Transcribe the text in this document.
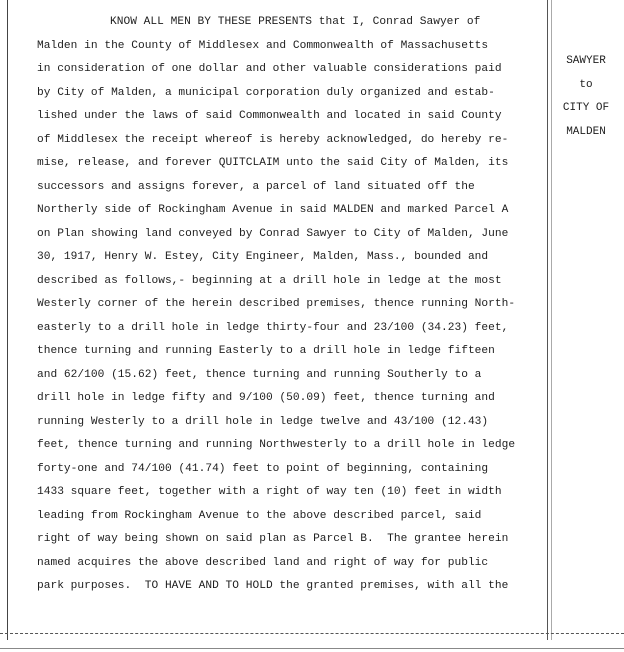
KNOW ALL MEN BY THESE PRESENTS that I, Conrad Sawyer of
Malden in the County of Middlesex and Commonwealth of Massachusetts
in consideration of one dollar and other valuable considerations paid
by City of Malden, a municipal corporation duly organized and estab-
lished under the laws of said Commonwealth and located in said County
of Middlesex the receipt whereof is hereby acknowledged, do hereby re-
mise, release, and forever QUITCLAIM unto the said City of Malden, its
successors and assigns forever, a parcel of land situated off the
Northerly side of Rockingham Avenue in said MALDEN and marked Parcel A
on Plan showing land conveyed by Conrad Sawyer to City of Malden, June
30, 1917, Henry W. Estey, City Engineer, Malden, Mass., bounded and
described as follows,- beginning at a drill hole in ledge at the most
Westerly corner of the herein described premises, thence running North-
easterly to a drill hole in ledge thirty-four and 23/100 (34.23) feet,
thence turning and running Easterly to a drill hole in ledge fifteen
and 62/100 (15.62) feet, thence turning and running Southerly to a
drill hole in ledge fifty and 9/100 (50.09) feet, thence turning and
running Westerly to a drill hole in ledge twelve and 43/100 (12.43)
feet, thence turning and running Northwesterly to a drill hole in ledge
forty-one and 74/100 (41.74) feet to point of beginning, containing
1433 square feet, together with a right of way ten (10) feet in width
leading from Rockingham Avenue to the above described parcel, said
right of way being shown on said plan as Parcel B.  The grantee herein
named acquires the above described land and right of way for public
park purposes.  TO HAVE AND TO HOLD the granted premises, with all the
SAWYER
to
CITY OF
MALDEN
